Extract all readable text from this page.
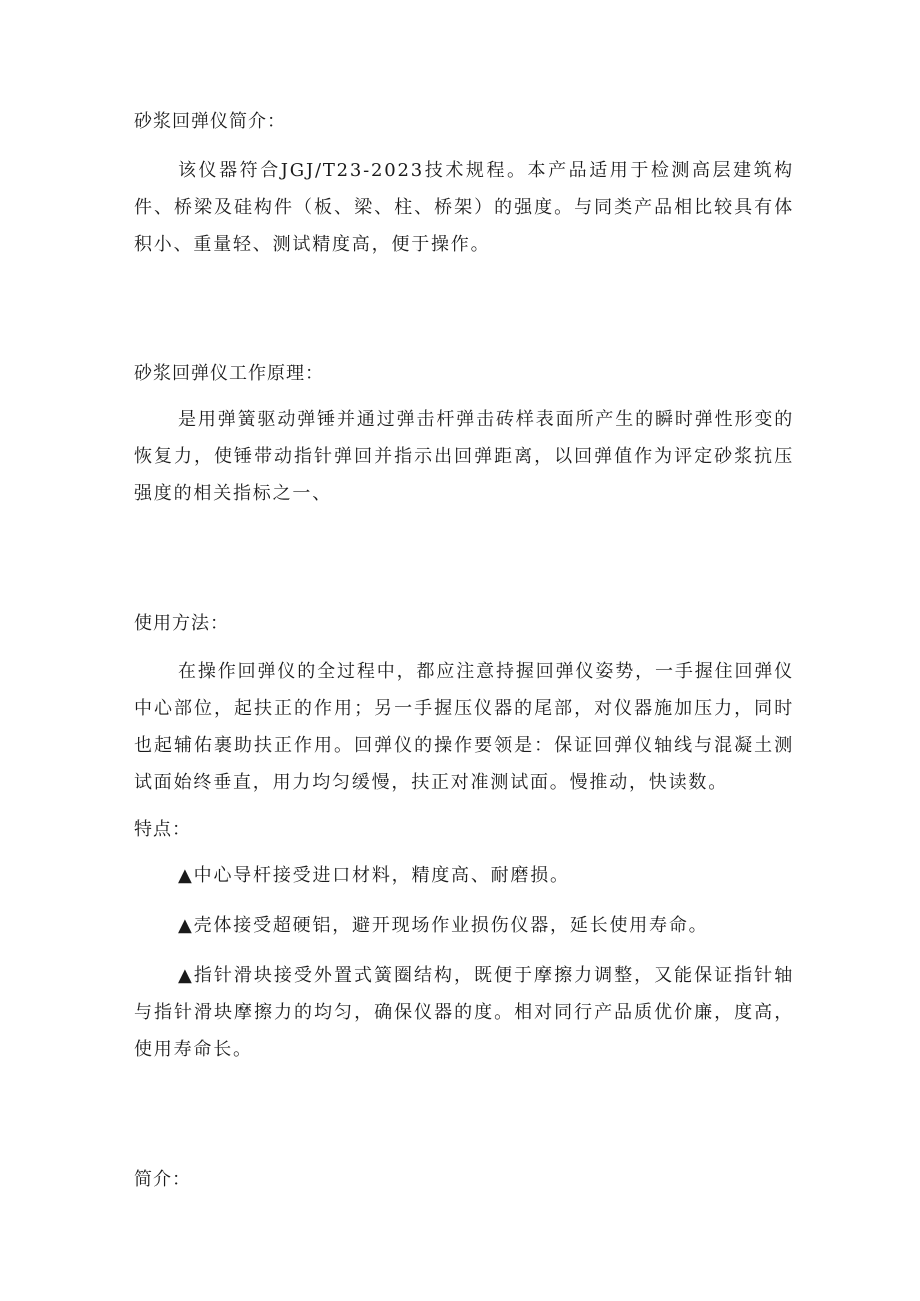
砂浆回弹仪简介：
该仪器符合JGJ/T23-2023技术规程。本产品适用于检测高层建筑构件、桥梁及硅构件（板、梁、柱、桥架）的强度。与同类产品相比较具有体积小、重量轻、测试精度高，便于操作。
砂浆回弹仪工作原理：
是用弹簧驱动弹锤并通过弹击杆弹击砖样表面所产生的瞬时弹性形变的恢复力，使锤带动指针弹回并指示出回弹距离，以回弹值作为评定砂浆抗压强度的相关指标之一、
使用方法：
在操作回弹仪的全过程中，都应注意持握回弹仪姿势，一手握住回弹仪中心部位，起扶正的作用；另一手握压仪器的尾部，对仪器施加压力，同时也起辅佑裹助扶正作用。回弹仪的操作要领是：保证回弹仪轴线与混凝土测试面始终垂直，用力均匀缓慢，扶正对准测试面。慢推动，快读数。
特点：
▲中心导杆接受进口材料，精度高、耐磨损。
▲壳体接受超硬铝，避开现场作业损伤仪器，延长使用寿命。
▲指针滑块接受外置式簧圈结构，既便于摩擦力调整，又能保证指针轴与指针滑块摩擦力的均匀，确保仪器的度。相对同行产品质优价廉，度高，使用寿命长。
简介：
